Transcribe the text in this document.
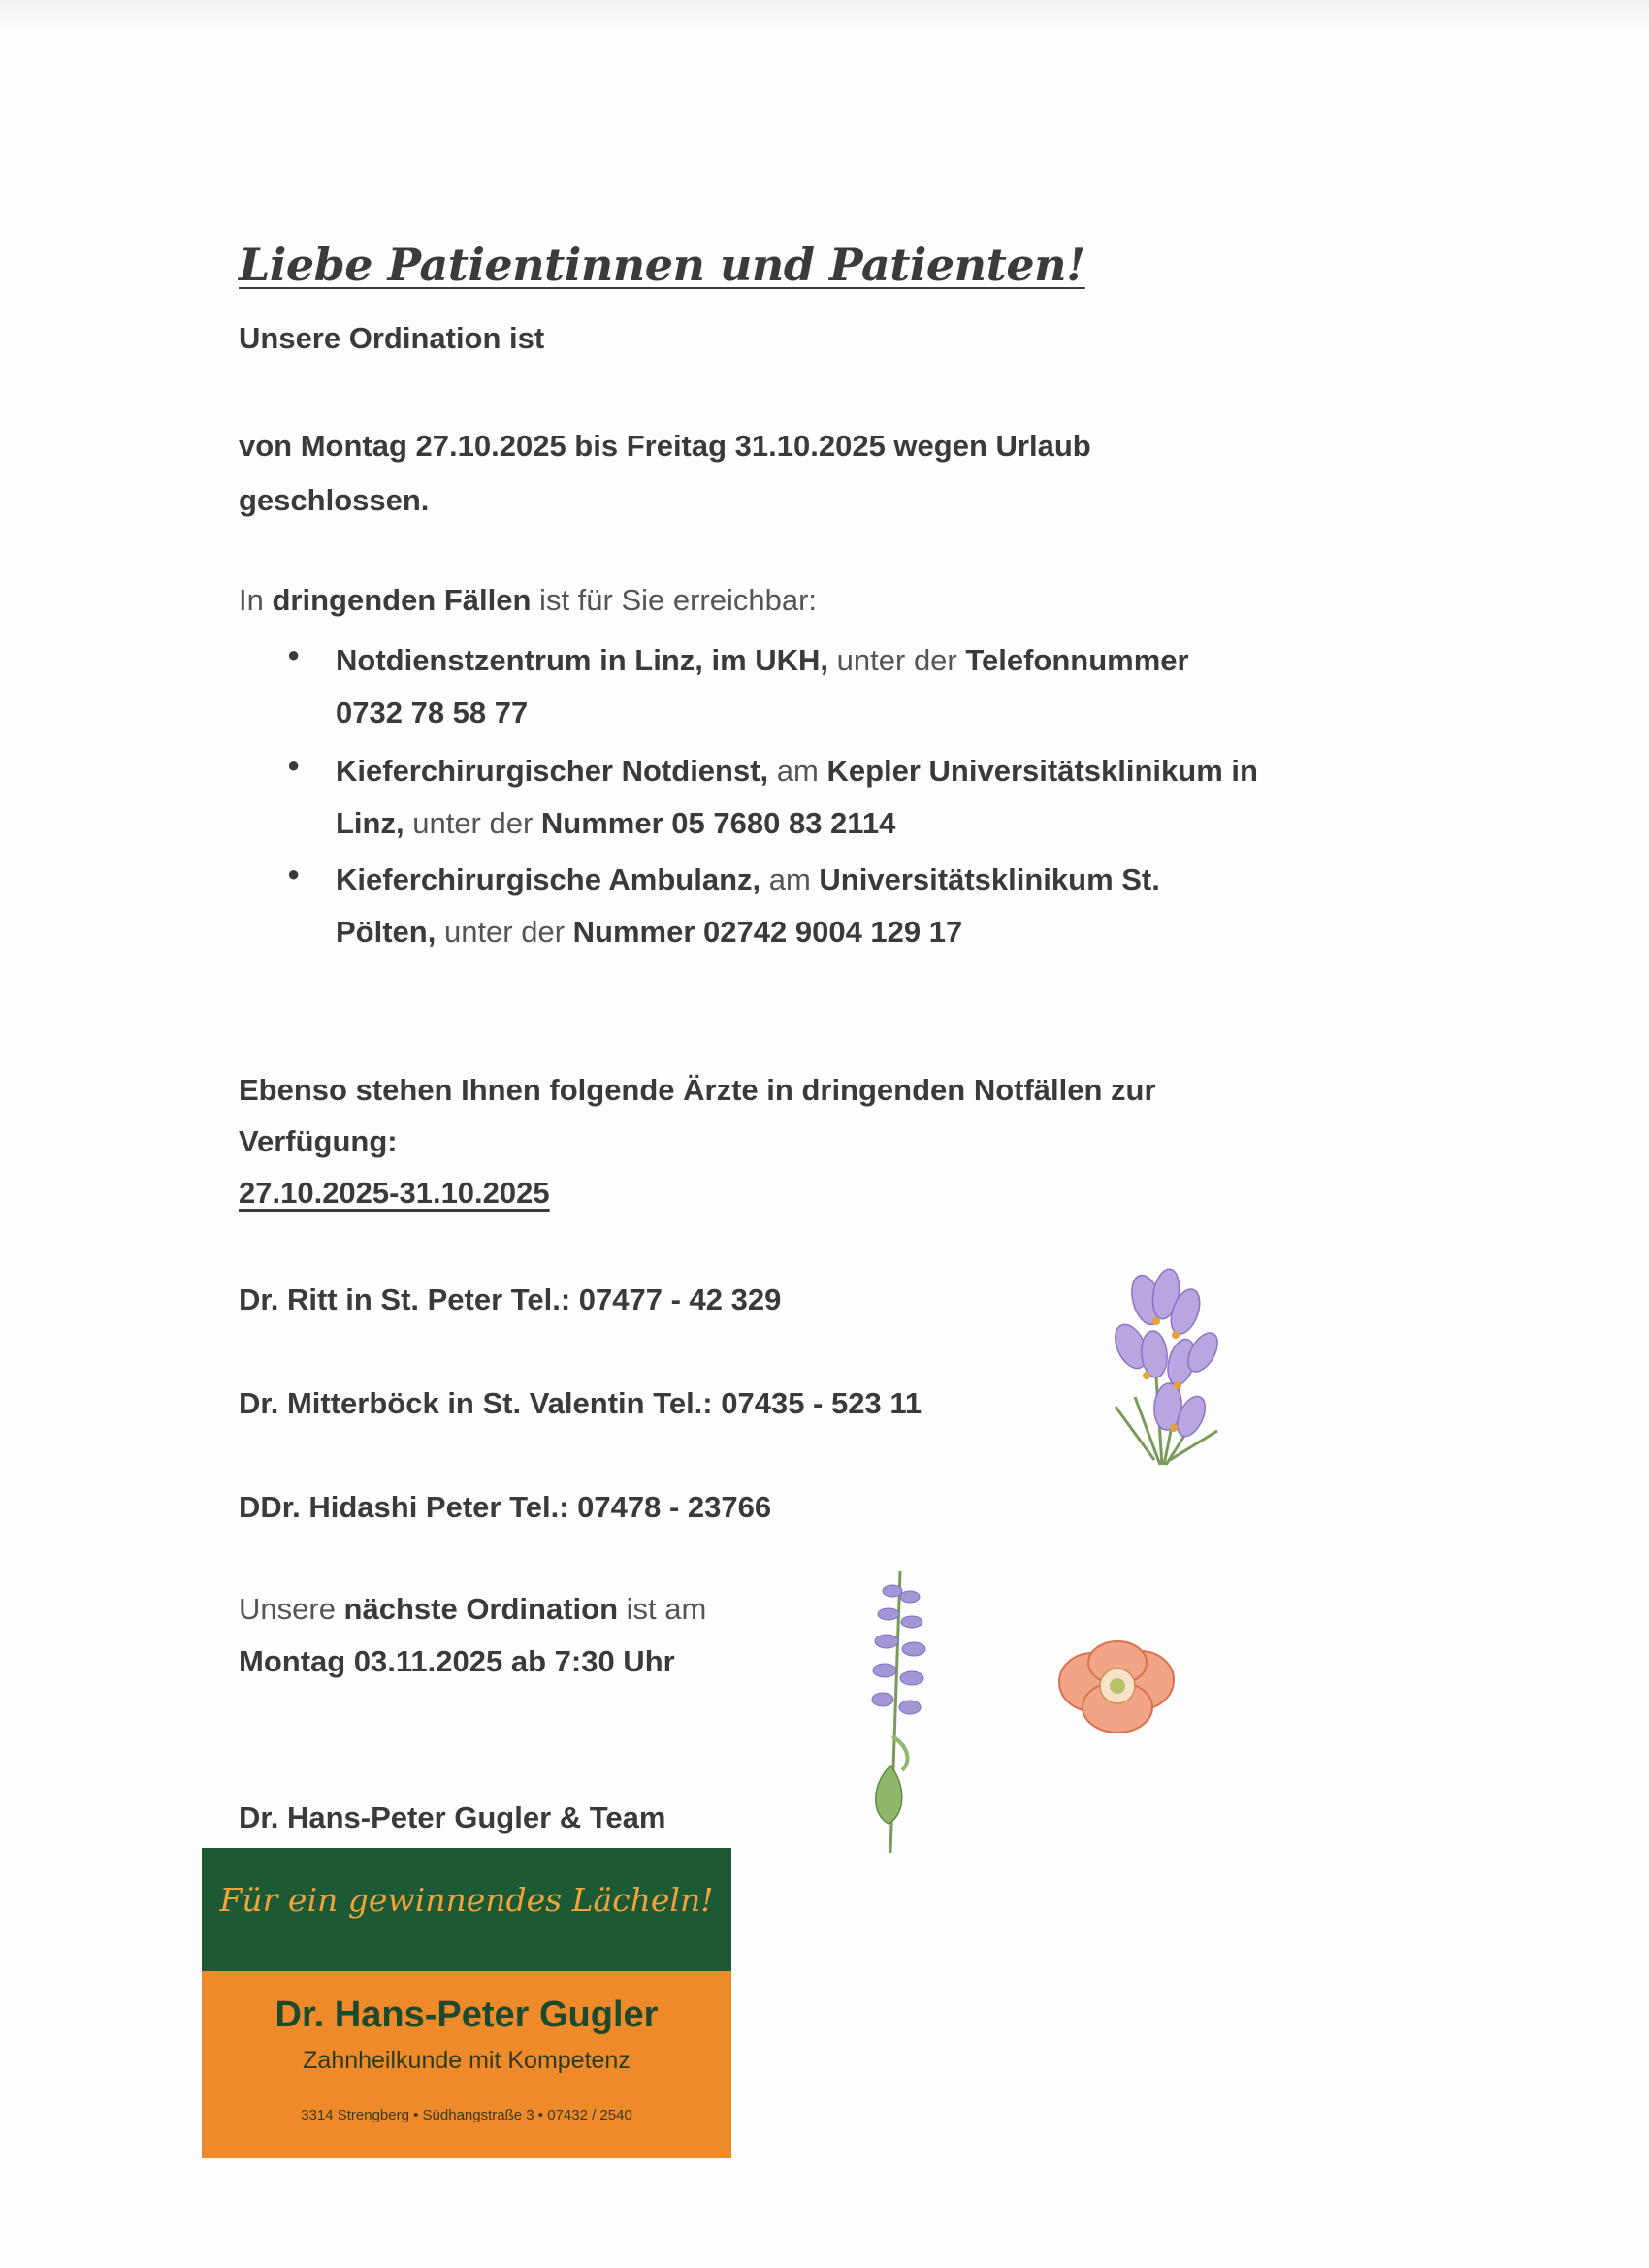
Liebe Patientinnen und Patienten!

Unsere Ordination ist

von Montag 27.10.2025 bis Freitag 31.10.2025 wegen Urlaub

geschlossen.

In dringenden Fällen ist für Sie erreichbar:

● Notdienstzentrum in Linz, im UKH, unter der Telefonnummer

0732 78 58 77

● Kieferchirurgischer Notdienst, am Kepler Universitätsklinikum in

Linz, unter der Nummer 05 7680 83 2114

● Kieferchirurgische Ambulanz, am Universitätsklinikum St.

Pölten, unter der Nummer 02742 9004 129 17

Ebenso stehen Ihnen folgende Ärzte in dringenden Notfällen zur

Verfügung:

27.10.2025-31.10.2025

Dr. Ritt in St. Peter Tel.: 07477 - 42 329

Dr. Mitterböck in St. Valentin Tel.: 07435 - 523 11

DDr. Hidashi Peter Tel.: 07478 - 23766

Unsere nächste Ordination ist am

Montag 03.11.2025 ab 7:30 Uhr

Dr. Hans-Peter Gugler & Team

Für ein gewinnendes Lächeln!
Dr. Hans-Peter Gugler
Zahnheilkunde mit Kompetenz
3314 Strengberg • Südhangstraße 3 • 07432 / 2540
